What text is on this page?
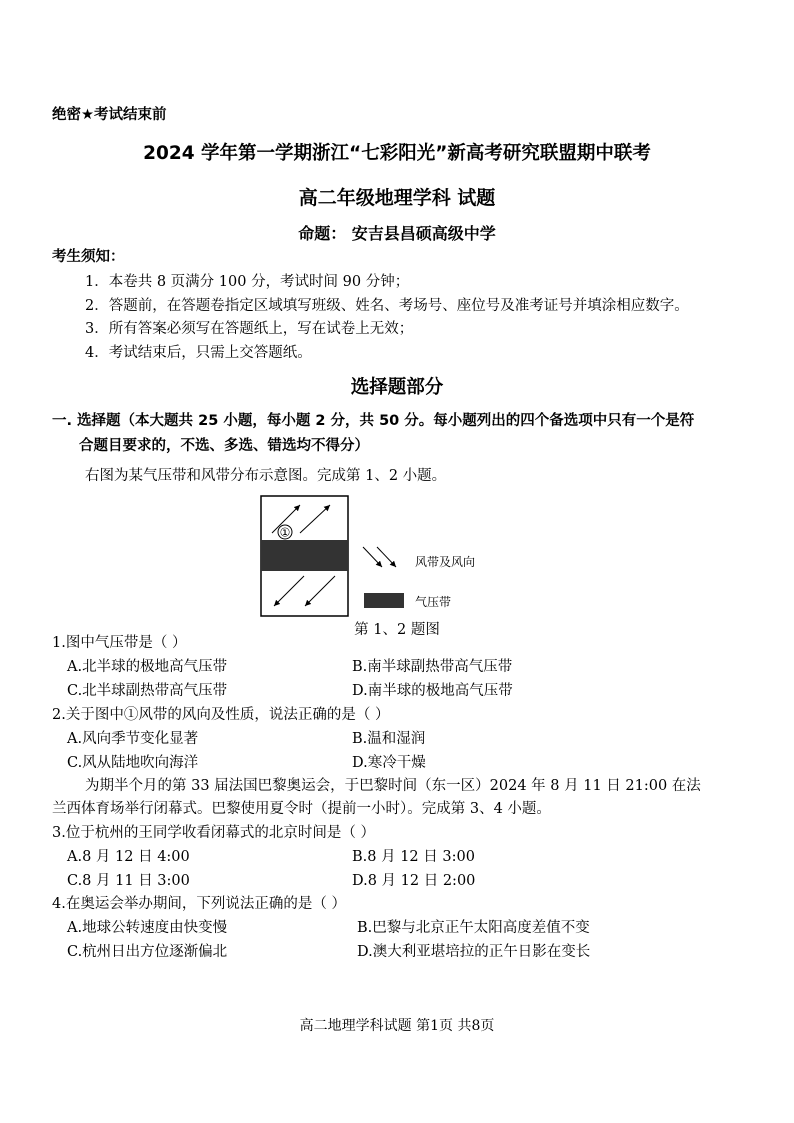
绝密★考试结束前
2024 学年第一学期浙江“七彩阳光”新高考研究联盟期中联考
高二年级地理学科 试题
命题： 安吉县昌硕高级中学
考生须知：
1．本卷共 8 页满分 100 分，考试时间 90 分钟；
2．答题前，在答题卷指定区域填写班级、姓名、考场号、座位号及准考证号并填涂相应数字。
3．所有答案必须写在答题纸上，写在试卷上无效；
4．考试结束后，只需上交答题纸。
选择题部分
一. 选择题（本大题共 25 小题，每小题 2 分，共 50 分。每小题列出的四个备选项中只有一个是符
合题目要求的，不选、多选、错选均不得分）
右图为某气压带和风带分布示意图。完成第 1、2 小题。
①
风带及风向
气压带
第 1、2 题图
1.图中气压带是（ ）
A.北半球的极地高气压带	B.南半球副热带高气压带
C.北半球副热带高气压带	D.南半球的极地高气压带
2.关于图中①风带的风向及性质，说法正确的是（ ）
A.风向季节变化显著	B.温和湿润
C.风从陆地吹向海洋	D.寒冷干燥
为期半个月的第 33 届法国巴黎奥运会，于巴黎时间（东一区）2024 年 8 月 11 日 21:00 在法
兰西体育场举行闭幕式。巴黎使用夏令时（提前一小时）。完成第 3、4 小题。
3.位于杭州的王同学收看闭幕式的北京时间是（ ）
A.8 月 12 日 4:00	B.8 月 12 日 3:00
C.8 月 11 日 3:00	D.8 月 12 日 2:00
4.在奥运会举办期间，下列说法正确的是（ ）
A.地球公转速度由快变慢	B.巴黎与北京正午太阳高度差值不变
C.杭州日出方位逐渐偏北	D.澳大利亚堪培拉的正午日影在变长
高二地理学科试题 第1页 共8页
